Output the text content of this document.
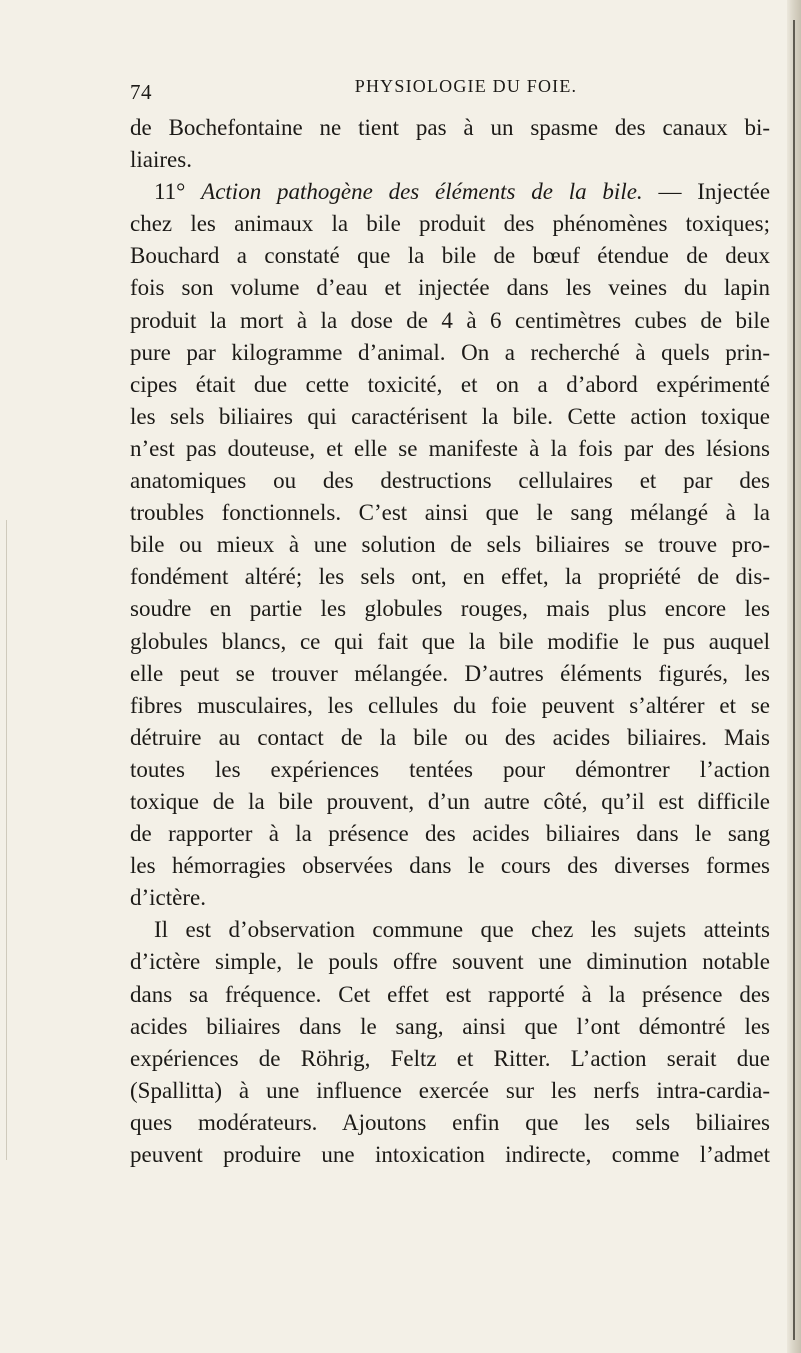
74	PHYSIOLOGIE DU FOIE.
de Bochefontaine ne tient pas à un spasme des canaux bi-
liaires.
11° Action pathogène des éléments de la bile. — Injectée
chez les animaux la bile produit des phénomènes toxiques;
Bouchard a constaté que la bile de bœuf étendue de deux
fois son volume d’eau et injectée dans les veines du lapin
produit la mort à la dose de 4 à 6 centimètres cubes de bile
pure par kilogramme d’animal. On a recherché à quels prin-
cipes était due cette toxicité, et on a d’abord expérimenté
les sels biliaires qui caractérisent la bile. Cette action toxique
n’est pas douteuse, et elle se manifeste à la fois par des lésions
anatomiques ou des destructions cellulaires et par des
troubles fonctionnels. C’est ainsi que le sang mélangé à la
bile ou mieux à une solution de sels biliaires se trouve pro-
fondément altéré; les sels ont, en effet, la propriété de dis-
soudre en partie les globules rouges, mais plus encore les
globules blancs, ce qui fait que la bile modifie le pus auquel
elle peut se trouver mélangée. D’autres éléments figurés, les
fibres musculaires, les cellules du foie peuvent s’altérer et se
détruire au contact de la bile ou des acides biliaires. Mais
toutes les expériences tentées pour démontrer l’action
toxique de la bile prouvent, d’un autre côté, qu’il est difficile
de rapporter à la présence des acides biliaires dans le sang
les hémorragies observées dans le cours des diverses formes
d’ictère.
Il est d’observation commune que chez les sujets atteints
d’ictère simple, le pouls offre souvent une diminution notable
dans sa fréquence. Cet effet est rapporté à la présence des
acides biliaires dans le sang, ainsi que l’ont démontré les
expériences de Röhrig, Feltz et Ritter. L’action serait due
(Spallitta) à une influence exercée sur les nerfs intra-cardia-
ques modérateurs. Ajoutons enfin que les sels biliaires
peuvent produire une intoxication indirecte, comme l’admet
